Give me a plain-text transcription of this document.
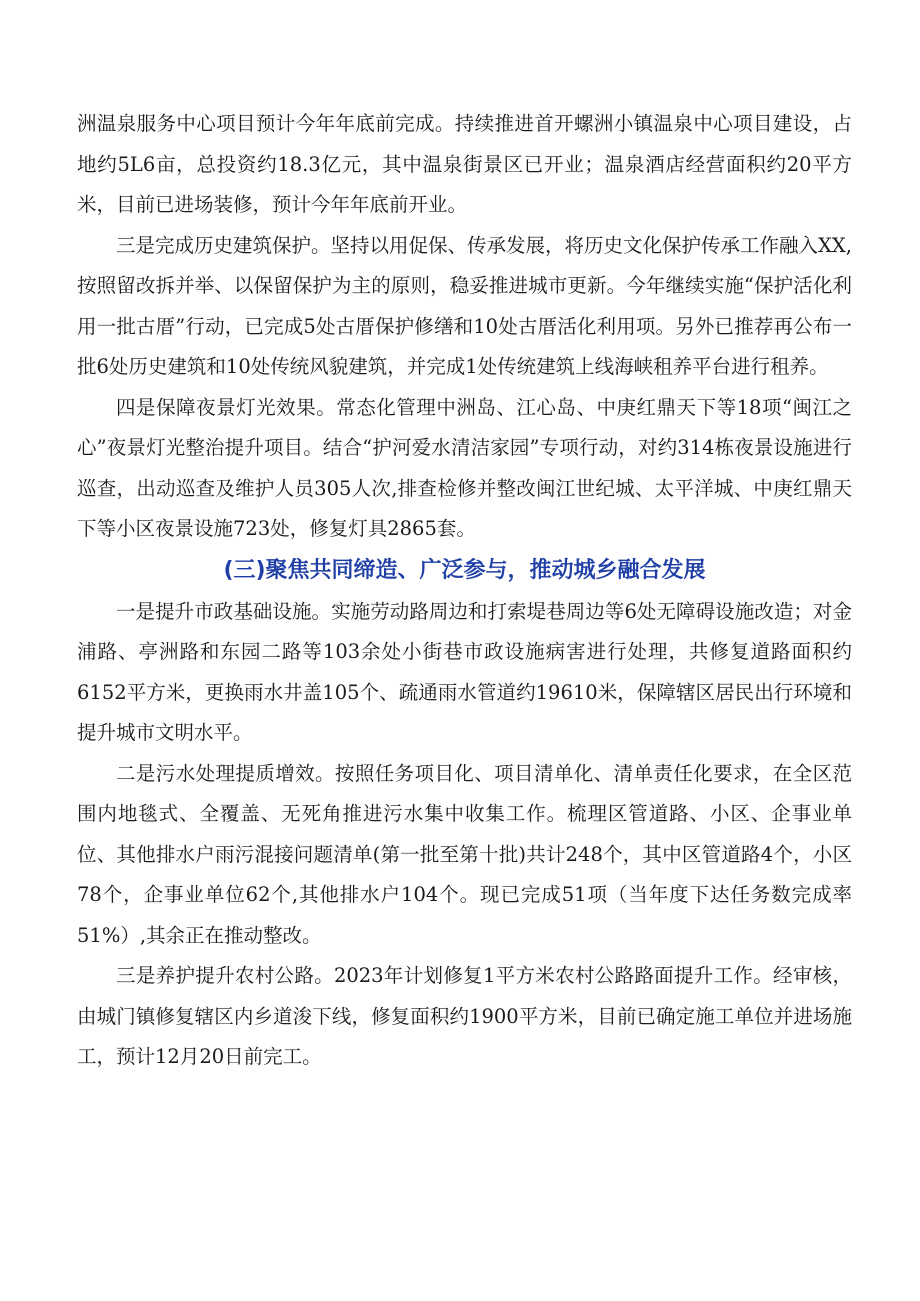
洲温泉服务中心项目预计今年年底前完成。持续推进首开螺洲小镇温泉中心项目建设，占地约5L6亩，总投资约18.3亿元，其中温泉街景区已开业；温泉酒店经营面积约20平方米，目前已进场装修，预计今年年底前开业。

三是完成历史建筑保护。坚持以用促保、传承发展，将历史文化保护传承工作融入XX,按照留改拆并举、以保留保护为主的原则，稳妥推进城市更新。今年继续实施“保护活化利用一批古厝”行动，已完成5处古厝保护修缮和10处古厝活化利用项。另外已推荐再公布一批6处历史建筑和10处传统风貌建筑，并完成1处传统建筑上线海峡租养平台进行租养。

四是保障夜景灯光效果。常态化管理中洲岛、江心岛、中庚红鼎天下等18项“闽江之心”夜景灯光整治提升项目。结合“护河爱水清洁家园”专项行动，对约314栋夜景设施进行巡查，出动巡查及维护人员305人次,排查检修并整改闽江世纪城、太平洋城、中庚红鼎天下等小区夜景设施723处，修复灯具2865套。

(三)聚焦共同缔造、广泛参与，推动城乡融合发展

一是提升市政基础设施。实施劳动路周边和打索堤巷周边等6处无障碍设施改造；对金浦路、亭洲路和东园二路等103余处小街巷市政设施病害进行处理，共修复道路面积约6152平方米，更换雨水井盖105个、疏通雨水管道约19610米，保障辖区居民出行环境和提升城市文明水平。

二是污水处理提质增效。按照任务项目化、项目清单化、清单责任化要求，在全区范围内地毯式、全覆盖、无死角推进污水集中收集工作。梳理区管道路、小区、企事业单位、其他排水户雨污混接问题清单(第一批至第十批)共计248个，其中区管道路4个，小区78个，企事业单位62个,其他排水户104个。现已完成51项（当年度下达任务数完成率51%）,其余正在推动整改。

三是养护提升农村公路。2023年计划修复1平方米农村公路路面提升工作。经审核，由城门镇修复辖区内乡道浚下线，修复面积约1900平方米，目前已确定施工单位并进场施工，预计12月20日前完工。
